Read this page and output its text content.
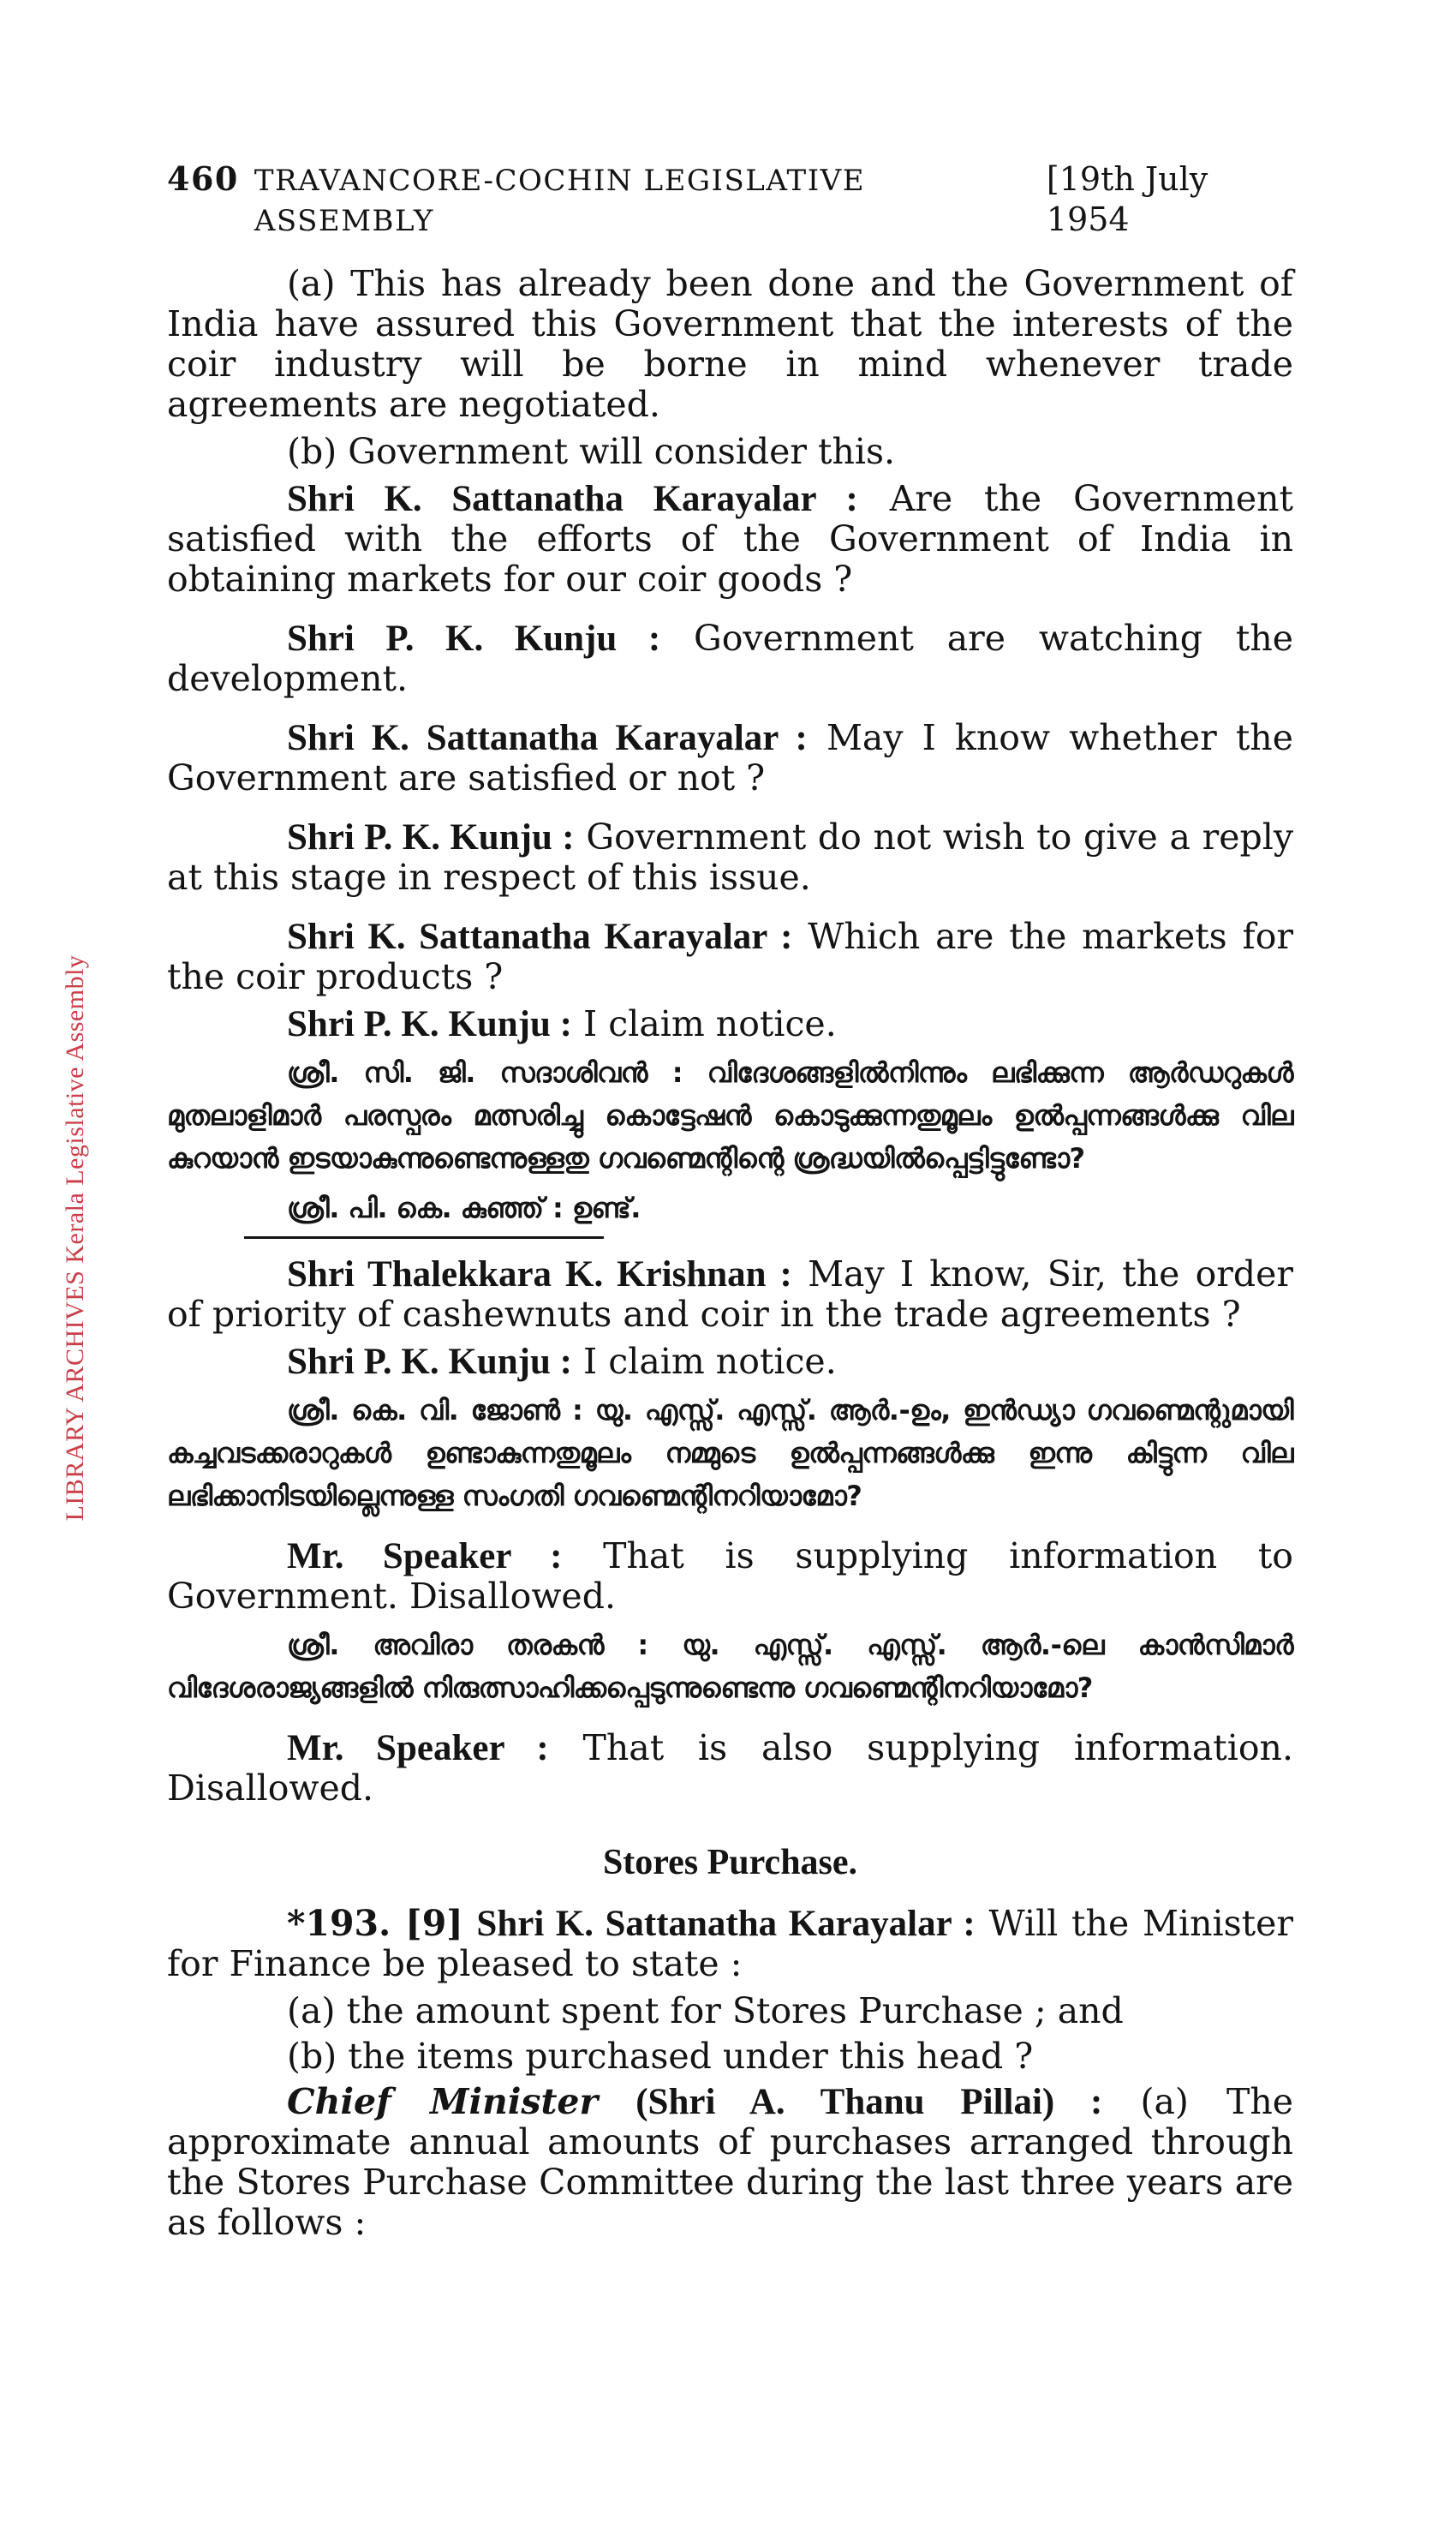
LIBRARY ARCHIVES Kerala Legislative Assembly
460 TRAVANCORE-COCHIN LEGISLATIVE ASSEMBLY
[19th July 1954

(a) This has already been done and the Government of India have assured this Government that the interests of the coir industry will be borne in mind whenever trade agreements are negotiated.

(b) Government will consider this.

Shri K. Sattanatha Karayalar : Are the Government satisfied with the efforts of the Government of India in obtaining markets for our coir goods ?

Shri P. K. Kunju : Government are watching the development.

Shri K. Sattanatha Karayalar : May I know whether the Government are satisfied or not ?

Shri P. K. Kunju : Government do not wish to give a reply at this stage in respect of this issue.

Shri K. Sattanatha Karayalar : Which are the markets for the coir products ?

Shri P. K. Kunju : I claim notice.

ശ്രീ. സി. ജി. സദാശിവൻ : വിദേശങ്ങളിൽനിന്നും ലഭിക്കുന്ന ആർഡറുകൾ മുതലാളിമാർ പരസ്പരം മത്സരിച്ചു കൊട്ടേഷൻ കൊടുക്കുന്നതുമൂലം ഉൽപ്പന്നങ്ങൾക്കു വില കുറയാൻ ഇടയാകുന്നുണ്ടെന്നുള്ളതു ഗവണ്മെന്റിന്റെ ശ്രദ്ധയിൽപ്പെട്ടിട്ടുണ്ടോ?

ശ്രീ. പി. കെ. കുഞ്ഞ് : ഉണ്ട്.

Shri Thalekkara K. Krishnan : May I know, Sir, the order of priority of cashewnuts and coir in the trade agreements ?

Shri P. K. Kunju : I claim notice.

ശ്രീ. കെ. വി. ജോൺ : യു. എസ്സ്. എസ്സ്. ആർ.-ഉം, ഇൻഡ്യാ ഗവണ്മെന്റുമായി കച്ചവടക്കരാറുകൾ ഉണ്ടാകുന്നതുമൂലം നമ്മുടെ ഉൽപ്പന്നങ്ങൾക്കു ഇന്നു കിട്ടുന്ന വില ലഭിക്കാനിടയില്ലെന്നുള്ള സംഗതി ഗവണ്മെന്റിനറിയാമോ?

Mr. Speaker : That is supplying information to Government. Disallowed.

ശ്രീ. അവിരാ തരകൻ : യു. എസ്സ്. എസ്സ്. ആർ.-ലെ കാൻസിമാർ വിദേശരാജ്യങ്ങളിൽ നിരുത്സാഹിക്കപ്പെടുന്നുണ്ടെന്നു ഗവണ്മെന്റിനറിയാമോ?

Mr. Speaker : That is also supplying information. Disallowed.

Stores Purchase.

*193. [9] Shri K. Sattanatha Karayalar : Will the Minister for Finance be pleased to state :

(a) the amount spent for Stores Purchase ; and

(b) the items purchased under this head ?

Chief Minister (Shri A. Thanu Pillai) : (a) The approximate annual amounts of purchases arranged through the Stores Purchase Committee during the last three years are as follows :
